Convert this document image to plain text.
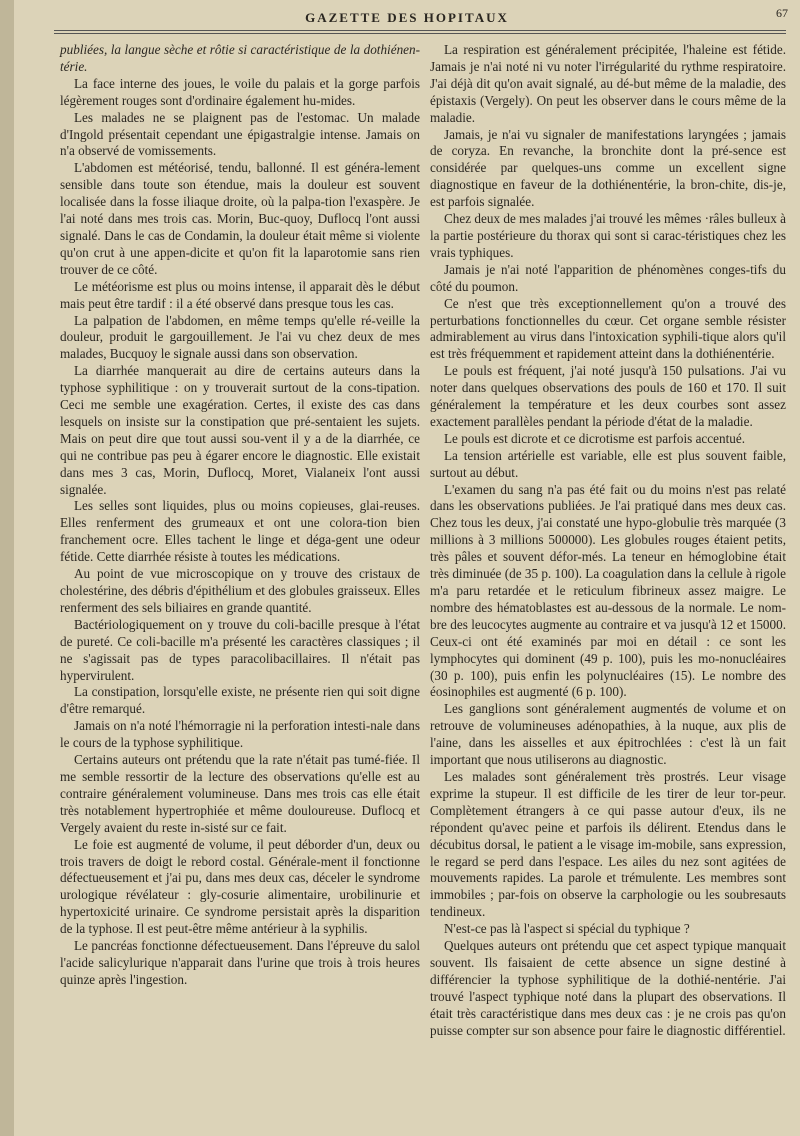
GAZETTE DES HOPITAUX	67

publiées, la langue sèche et rôtie si caractéristique de la dothiénen-térie.

La face interne des joues, le voile du palais et la gorge parfois légèrement rouges sont d'ordinaire également hu-mides.

Les malades ne se plaignent pas de l'estomac. Un malade d'Ingold présentait cependant une épigastralgie intense. Jamais on n'a observé de vomissements.

L'abdomen est météorisé, tendu, ballonné. Il est généra-lement sensible dans toute son étendue, mais la douleur est souvent localisée dans la fosse iliaque droite, où la palpa-tion l'exaspère. Je l'ai noté dans mes trois cas. Morin, Buc-quoy, Duflocq l'ont aussi signalé. Dans le cas de Condamin, la douleur était même si violente qu'on crut à une appen-dicite et qu'on fit la laparotomie sans rien trouver de ce côté.

Le météorisme est plus ou moins intense, il apparait dès le début mais peut être tardif : il a été observé dans presque tous les cas.

La palpation de l'abdomen, en même temps qu'elle ré-veille la douleur, produit le gargouillement. Je l'ai vu chez deux de mes malades, Bucquoy le signale aussi dans son observation.

La diarrhée manquerait au dire de certains auteurs dans la typhose syphilitique : on y trouverait surtout de la cons-tipation. Ceci me semble une exagération. Certes, il existe des cas dans lesquels on insiste sur la constipation que pré-sentaient les sujets. Mais on peut dire que tout aussi sou-vent il y a de la diarrhée, ce qui ne contribue pas peu à égarer encore le diagnostic. Elle existait dans mes 3 cas, Morin, Duflocq, Moret, Vialaneix l'ont aussi signalée.

Les selles sont liquides, plus ou moins copieuses, glai-reuses. Elles renferment des grumeaux et ont une colora-tion bien franchement ocre. Elles tachent le linge et déga-gent une odeur fétide. Cette diarrhée résiste à toutes les médications.

Au point de vue microscopique on y trouve des cristaux de cholestérine, des débris d'épithélium et des globules graisseux. Elles renferment des sels biliaires en grande quantité.

Bactériologiquement on y trouve du coli-bacille presque à l'état de pureté. Ce coli-bacille m'a présenté les caractères classiques ; il ne s'agissait pas de types paracolibacillaires. Il n'était pas hypervirulent.

La constipation, lorsqu'elle existe, ne présente rien qui soit digne d'être remarqué.

Jamais on n'a noté l'hémorragie ni la perforation intesti-nale dans le cours de la typhose syphilitique.

Certains auteurs ont prétendu que la rate n'était pas tumé-fiée. Il me semble ressortir de la lecture des observations qu'elle est au contraire généralement volumineuse. Dans mes trois cas elle était très notablement hypertrophiée et même douloureuse. Duflocq et Vergely avaient du reste in-sisté sur ce fait.

Le foie est augmenté de volume, il peut déborder d'un, deux ou trois travers de doigt le rebord costal. Générale-ment il fonctionne défectueusement et j'ai pu, dans mes deux cas, déceler le syndrome urologique révélateur : gly-cosurie alimentaire, urobilinurie et hypertoxicité urinaire. Ce syndrome persistait après la disparition de la typhose. Il est peut-être même antérieur à la syphilis.

Le pancréas fonctionne défectueusement. Dans l'épreuve du salol l'acide salicylurique n'apparait dans l'urine que trois à trois heures quinze après l'ingestion.

La respiration est généralement précipitée, l'haleine est fétide. Jamais je n'ai noté ni vu noter l'irrégularité du rythme respiratoire. J'ai déjà dit qu'on avait signalé, au dé-but même de la maladie, des épistaxis (Vergely). On peut les observer dans le cours même de la maladie.

Jamais, je n'ai vu signaler de manifestations laryngées ; jamais de coryza. En revanche, la bronchite dont la pré-sence est considérée par quelques-uns comme un excellent signe diagnostique en faveur de la dothiénentérie, la bron-chite, dis-je, est parfois signalée.

Chez deux de mes malades j'ai trouvé les mêmes ·râles bulleux à la partie postérieure du thorax qui sont si carac-téristiques chez les vrais typhiques.

Jamais je n'ai noté l'apparition de phénomènes conges-tifs du côté du poumon.

Ce n'est que très exceptionnellement qu'on a trouvé des perturbations fonctionnelles du cœur. Cet organe semble résister admirablement au virus dans l'intoxication syphili-tique alors qu'il est très fréquemment et rapidement atteint dans la dothiénentérie.

Le pouls est fréquent, j'ai noté jusqu'à 150 pulsations. J'ai vu noter dans quelques observations des pouls de 160 et 170. Il suit généralement la température et les deux courbes sont assez exactement parallèles pendant la période d'état de la maladie.

Le pouls est dicrote et ce dicrotisme est parfois accentué.

La tension artérielle est variable, elle est plus souvent faible, surtout au début.

L'examen du sang n'a pas été fait ou du moins n'est pas relaté dans les observations publiées. Je l'ai pratiqué dans mes deux cas. Chez tous les deux, j'ai constaté une hypo-globulie très marquée (3 millions à 3 millions 500000). Les globules rouges étaient petits, très pâles et souvent défor-més. La teneur en hémoglobine était très diminuée (de 35 p. 100). La coagulation dans la cellule à rigole m'a paru retardée et le reticulum fibrineux assez maigre. Le nombre des hématoblastes est au-dessous de la normale. Le nom-bre des leucocytes augmente au contraire et va jusqu'à 12 et 15000. Ceux-ci ont été examinés par moi en détail : ce sont les lymphocytes qui dominent (49 p. 100), puis les mo-nonucléaires (30 p. 100), puis enfin les polynucléaires (15). Le nombre des éosinophiles est augmenté (6 p. 100).

Les ganglions sont généralement augmentés de volume et on retrouve de volumineuses adénopathies, à la nuque, aux plis de l'aine, dans les aisselles et aux épitrochlées : c'est là un fait important que nous utiliserons au diagnostic.

Les malades sont généralement très prostrés. Leur visage exprime la stupeur. Il est difficile de les tirer de leur tor-peur. Complètement étrangers à ce qui passe autour d'eux, ils ne répondent qu'avec peine et parfois ils délirent. Etendus dans le décubitus dorsal, le patient a le visage im-mobile, sans expression, le regard se perd dans l'espace. Les ailes du nez sont agitées de mouvements rapides. La parole et trémulente. Les membres sont immobiles ; par-fois on observe la carphologie ou les soubresauts tendineux.

N'est-ce pas là l'aspect si spécial du typhique ?

Quelques auteurs ont prétendu que cet aspect typique manquait souvent. Ils faisaient de cette absence un signe destiné à différencier la typhose syphilitique de la dothié-nentérie. J'ai trouvé l'aspect typhique noté dans la plupart des observations. Il était très caractéristique dans mes deux cas : je ne crois pas qu'on puisse compter sur son absence pour faire le diagnostic différentiel.
